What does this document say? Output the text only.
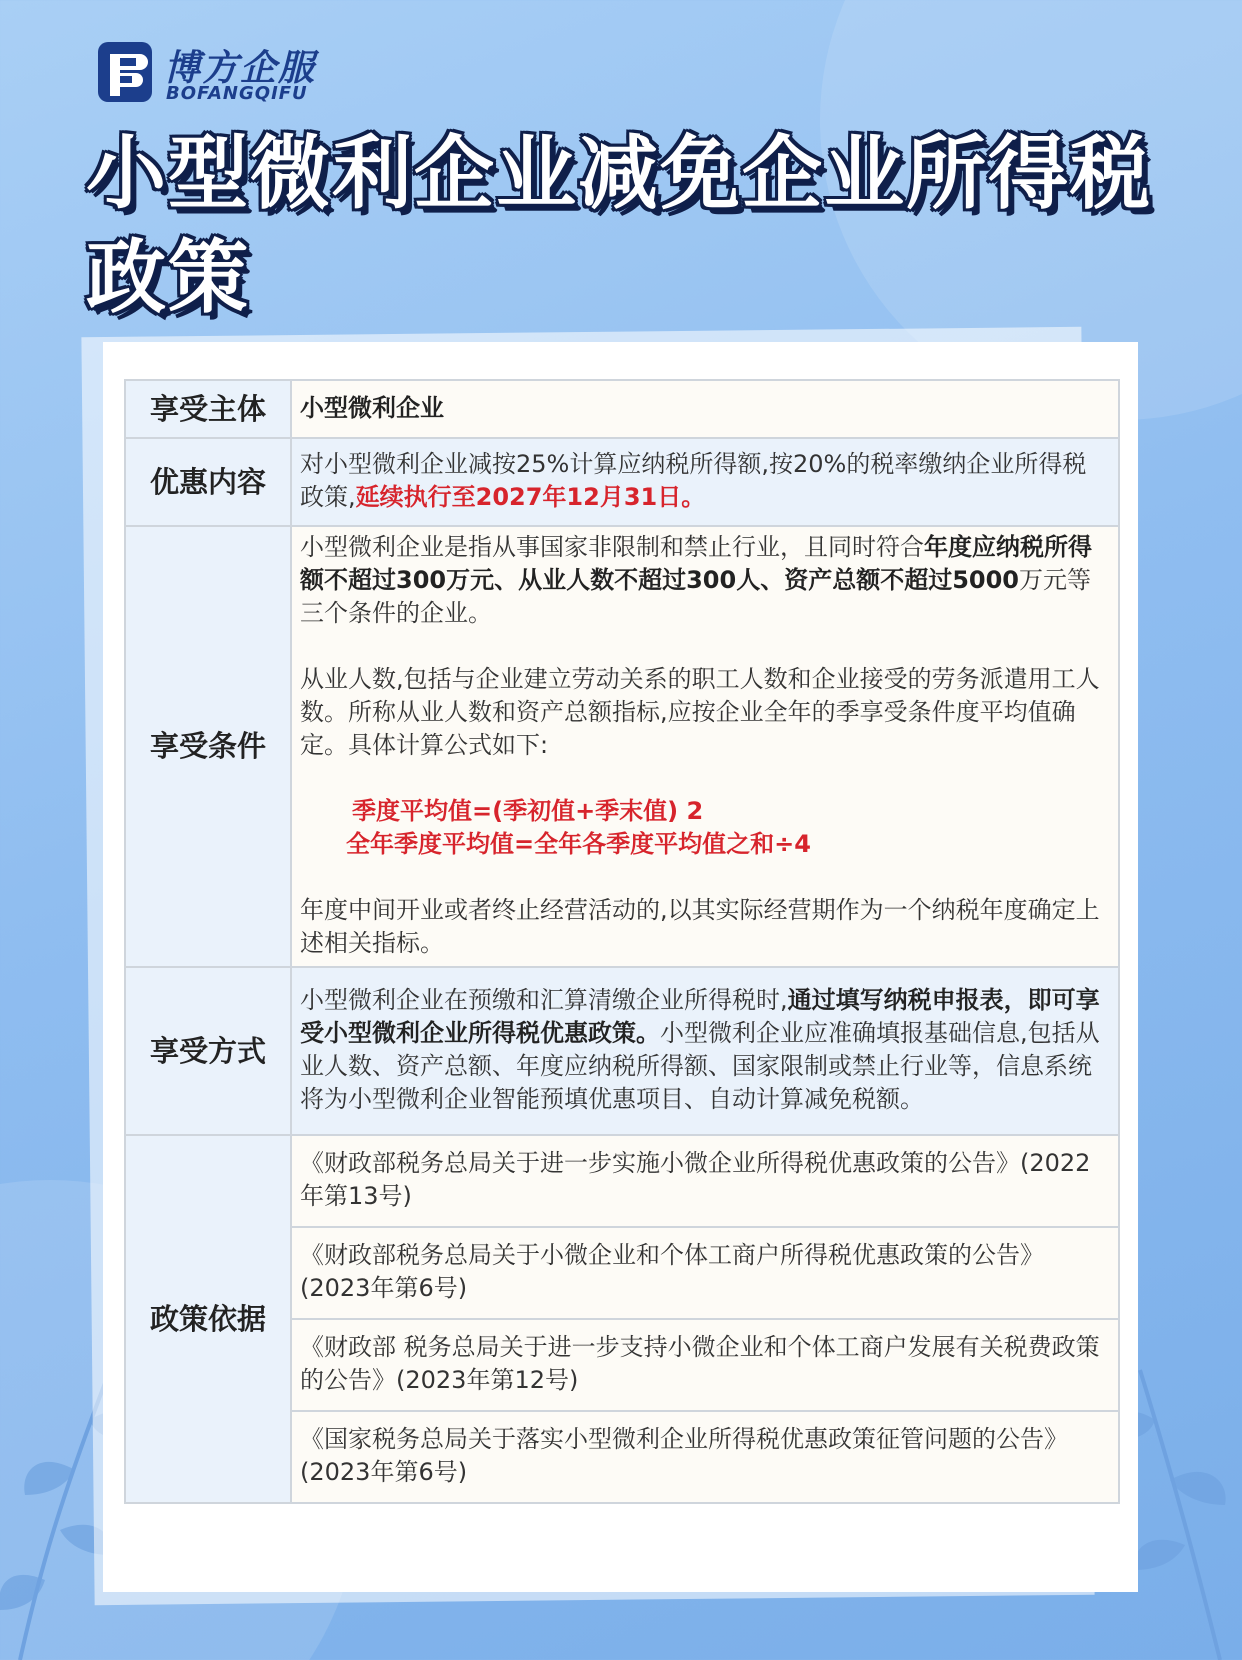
博方企服
BOFANGQIFU
小型微利企业减免企业所得税政策
享受主体	小型微利企业
优惠内容	对小型微利企业减按25%计算应纳税所得额,按20%的税率缴纳企业所得税政策,延续执行至2027年12月31日。
享受条件	小型微利企业是指从事国家非限制和禁止行业，且同时符合年度应纳税所得额不超过300万元、从业人数不超过300人、资产总额不超过5000万元等三个条件的企业。
从业人数,包括与企业建立劳动关系的职工人数和企业接受的劳务派遣用工人数。所称从业人数和资产总额指标,应按企业全年的季享受条件度平均值确定。具体计算公式如下:
季度平均值=(季初值+季末值) 2
全年季度平均值=全年各季度平均值之和÷4
年度中间开业或者终止经营活动的,以其实际经营期作为一个纳税年度确定上述相关指标。

享受方式	小型微利企业在预缴和汇算清缴企业所得税时,通过填写纳税申报表，即可享受小型微利企业所得税优惠政策。小型微利企业应准确填报基础信息,包括从业人数、资产总额、年度应纳税所得额、国家限制或禁止行业等，信息系统将为小型微利企业智能预填优惠项目、自动计算减免税额。
政策依据	《财政部税务总局关于进一步实施小微企业所得税优惠政策的公告》(2022年第13号)
	《财政部税务总局关于小微企业和个体工商户所得税优惠政策的公告》(2023年第6号)
	《财政部 税务总局关于进一步支持小微企业和个体工商户发展有关税费政策的公告》(2023年第12号)
	《国家税务总局关于落实小型微利企业所得税优惠政策征管问题的公告》(2023年第6号)
